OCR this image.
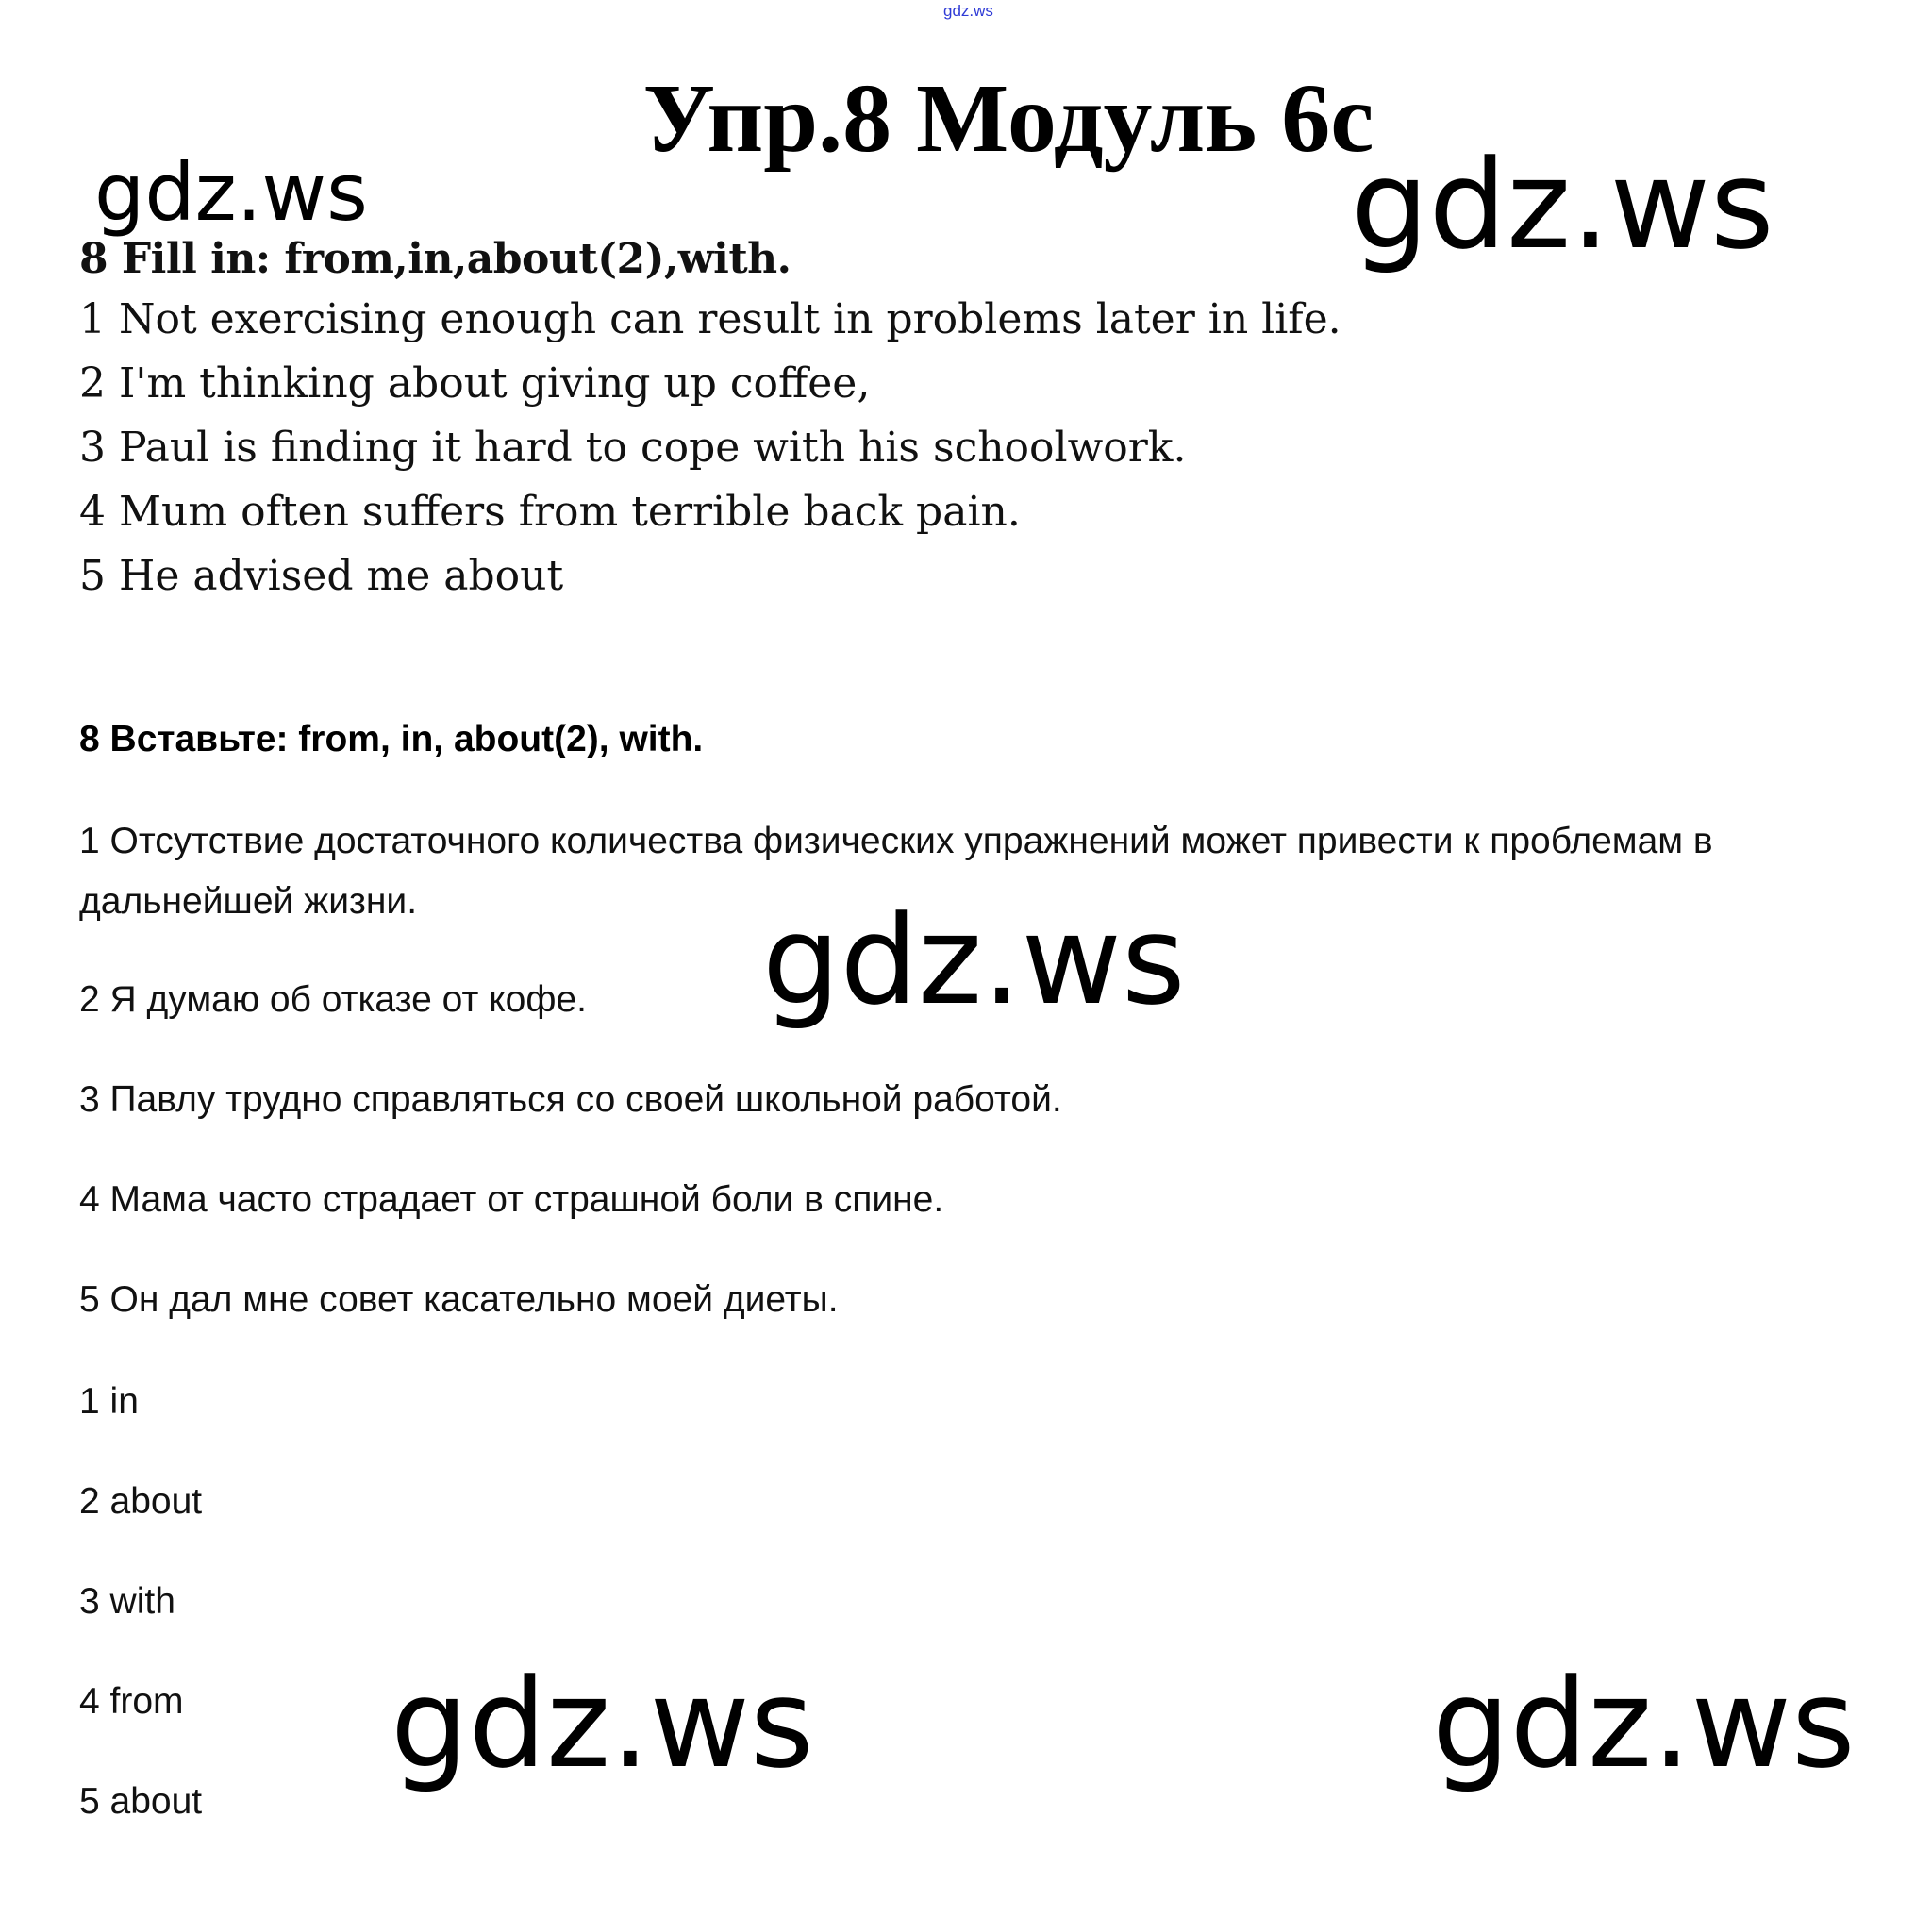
gdz.ws
Упр.8 Модуль 6с
gdz.ws	gdz.ws
8 Fill in: from,in,about(2),with.
1 Not exercising enough can result in problems later in life.
2 I'm thinking about giving up coffee,
3 Paul is finding it hard to cope with his schoolwork.
4 Mum often suffers from terrible back pain.
5 He advised me about
8 Вставьте: from, in, about(2), with.
1 Отсутствие достаточного количества физических упражнений может привести к проблемам в дальнейшей жизни.
2 Я думаю об отказе от кофе.
3 Павлу трудно справляться со своей школьной работой.
4 Мама часто страдает от страшной боли в спине.
5 Он дал мне совет касательно моей диеты.
gdz.ws
1 in
2 about
3 with
4 from
5 about
gdz.ws	gdz.ws
